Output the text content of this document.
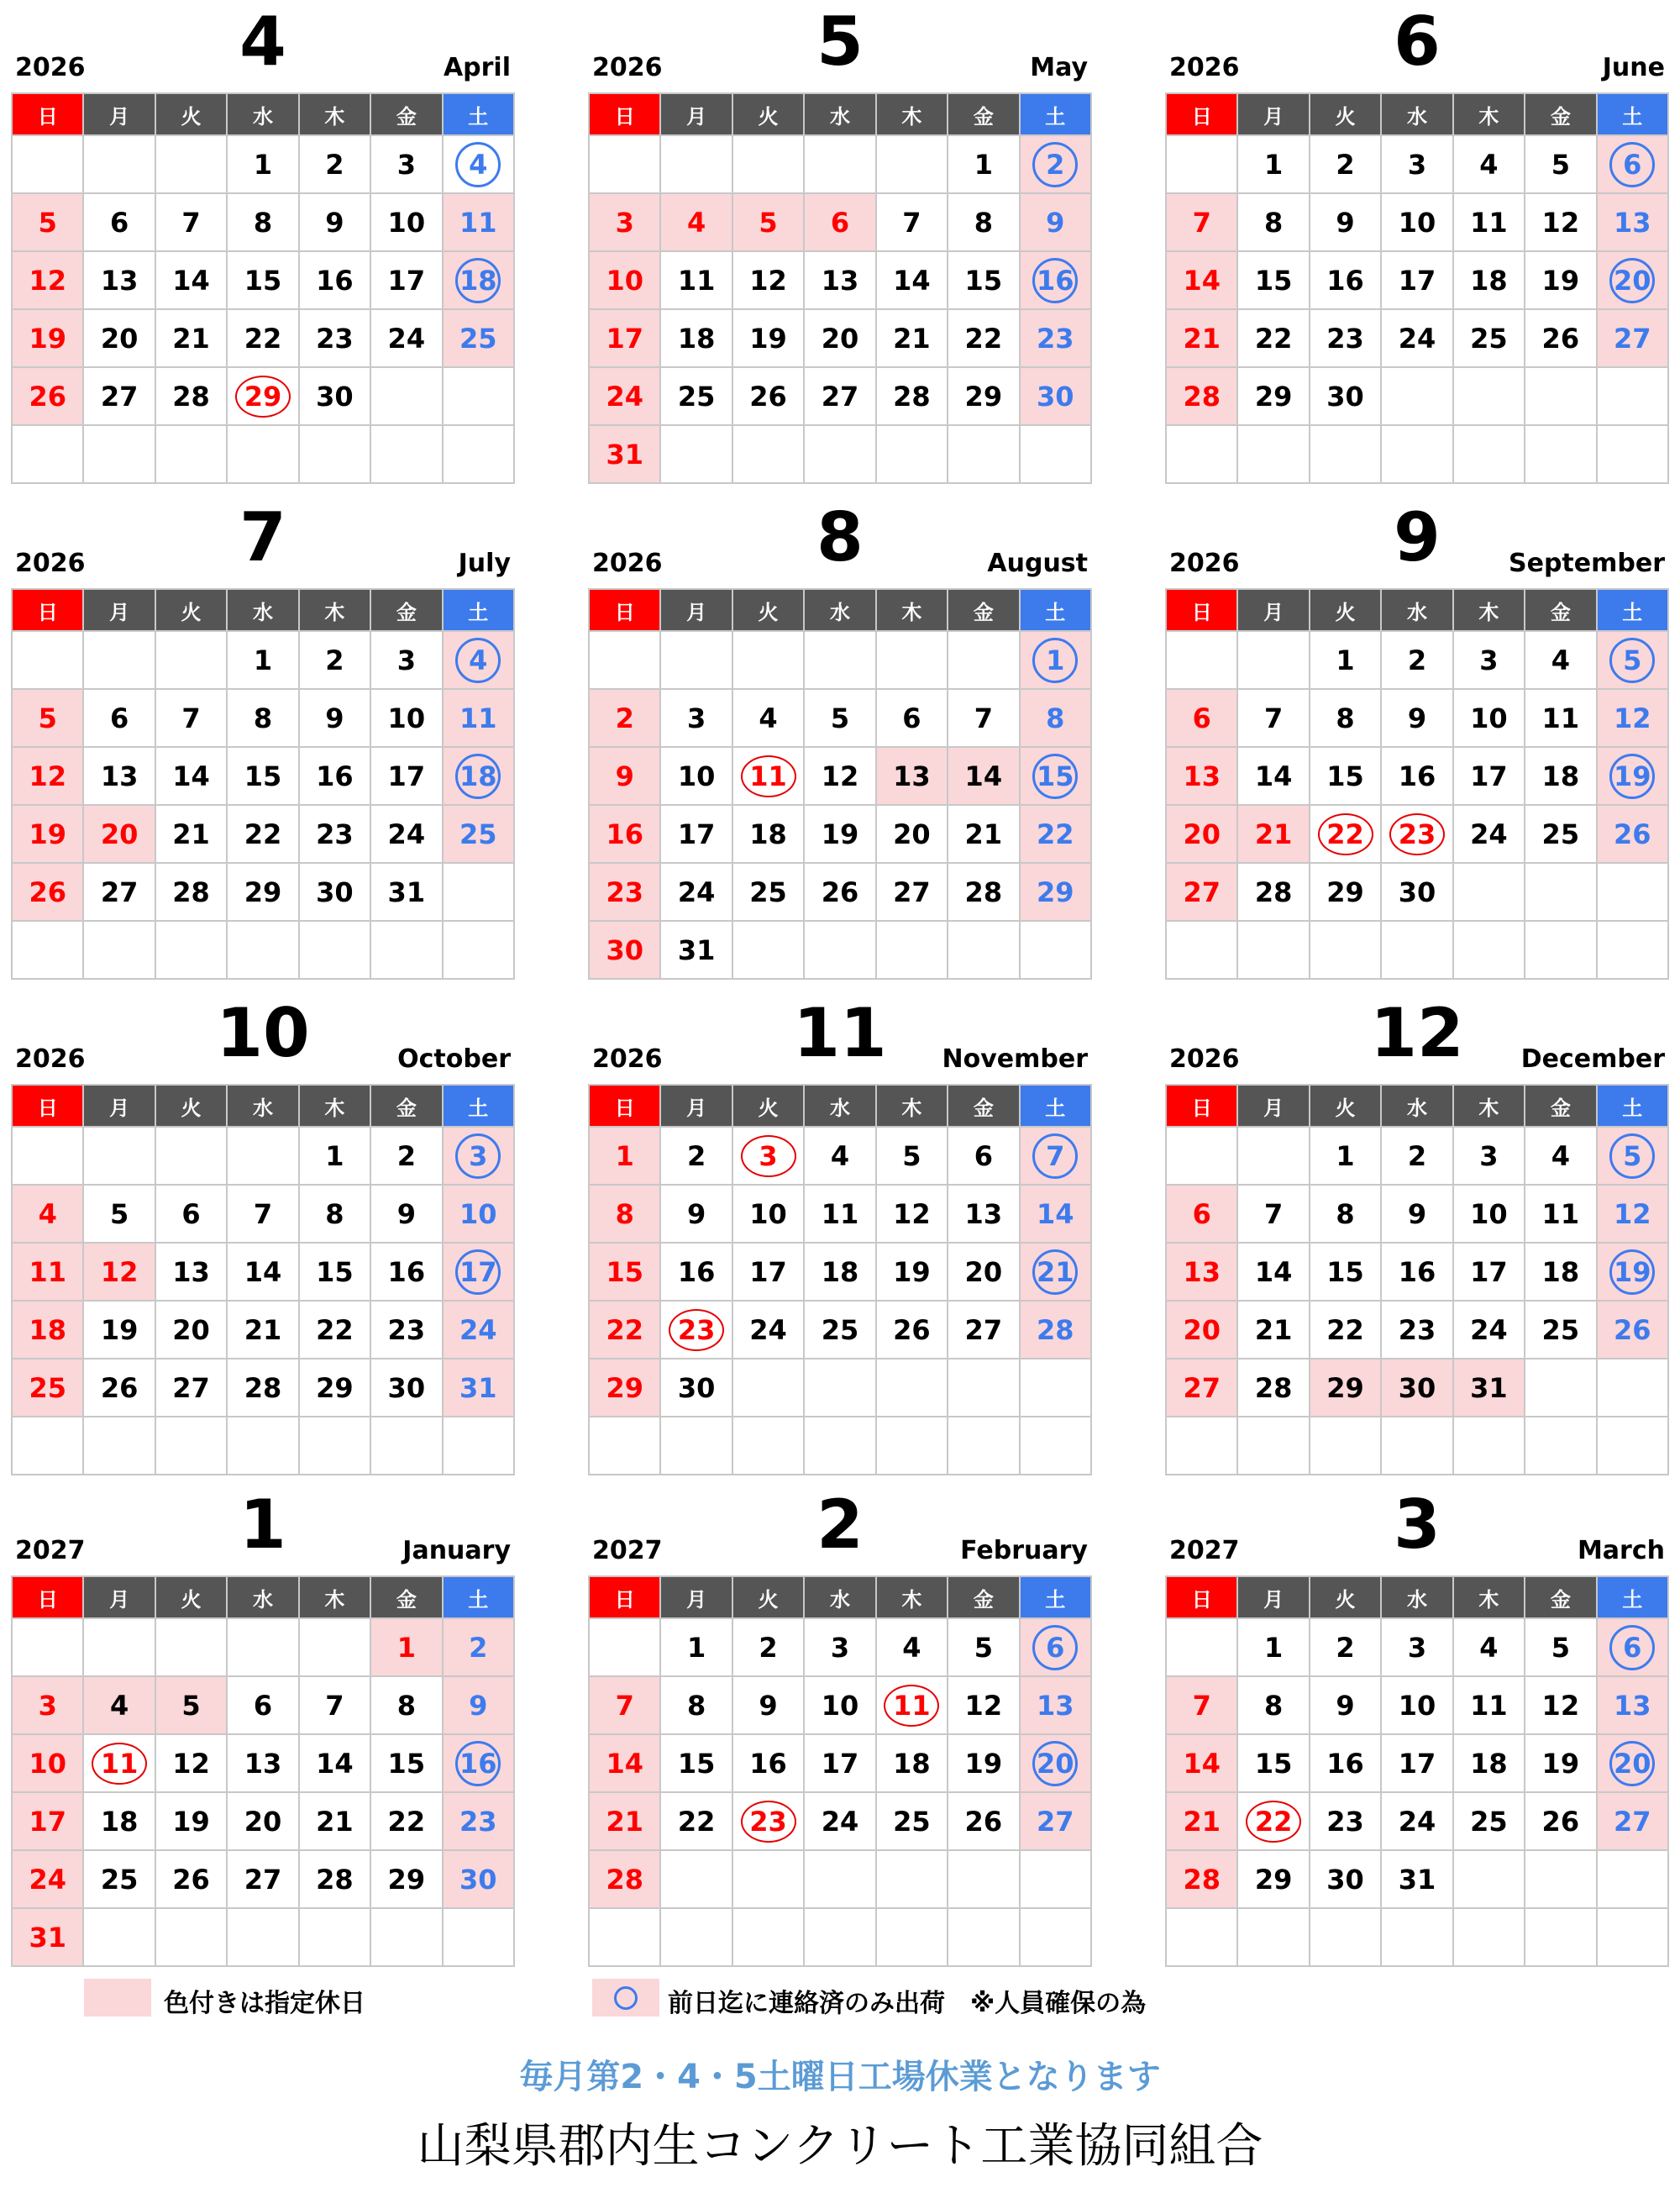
2026	4	April
日	月	火	水	木	金	土
			1	2	3	4
5	6	7	8	9	10	11
12	13	14	15	16	17	18
19	20	21	22	23	24	25
26	27	28	29	30		

2026	5	May
日	月	火	水	木	金	土
					1	2
3	4	5	6	7	8	9
10	11	12	13	14	15	16
17	18	19	20	21	22	23
24	25	26	27	28	29	30
31						
2026	6	June
日	月	火	水	木	金	土
	1	2	3	4	5	6
7	8	9	10	11	12	13
14	15	16	17	18	19	20
21	22	23	24	25	26	27
28	29	30				

2026	7	July
日	月	火	水	木	金	土
			1	2	3	4
5	6	7	8	9	10	11
12	13	14	15	16	17	18
19	20	21	22	23	24	25
26	27	28	29	30	31	

2026	8	August
日	月	火	水	木	金	土
						1
2	3	4	5	6	7	8
9	10	11	12	13	14	15
16	17	18	19	20	21	22
23	24	25	26	27	28	29
30	31					
2026	9	September
日	月	火	水	木	金	土
		1	2	3	4	5
6	7	8	9	10	11	12
13	14	15	16	17	18	19
20	21	22	23	24	25	26
27	28	29	30			

2026	10	October
日	月	火	水	木	金	土
				1	2	3
4	5	6	7	8	9	10
11	12	13	14	15	16	17
18	19	20	21	22	23	24
25	26	27	28	29	30	31

2026	11	November
日	月	火	水	木	金	土
1	2	3	4	5	6	7
8	9	10	11	12	13	14
15	16	17	18	19	20	21
22	23	24	25	26	27	28
29	30					

2026	12	December
日	月	火	水	木	金	土
		1	2	3	4	5
6	7	8	9	10	11	12
13	14	15	16	17	18	19
20	21	22	23	24	25	26
27	28	29	30	31		

2027	1	January
日	月	火	水	木	金	土
					1	2
3	4	5	6	7	8	9
10	11	12	13	14	15	16
17	18	19	20	21	22	23
24	25	26	27	28	29	30
31						
2027	2	February
日	月	火	水	木	金	土
	1	2	3	4	5	6
7	8	9	10	11	12	13
14	15	16	17	18	19	20
21	22	23	24	25	26	27
28						

2027	3	March
日	月	火	水	木	金	土
	1	2	3	4	5	6
7	8	9	10	11	12	13
14	15	16	17	18	19	20
21	22	23	24	25	26	27
28	29	30	31			

色付きは指定休日	前日迄に連絡済のみ出荷　※人員確保の為
毎月第2・4・5土曜日工場休業となります
山梨県郡内生コンクリート工業協同組合
